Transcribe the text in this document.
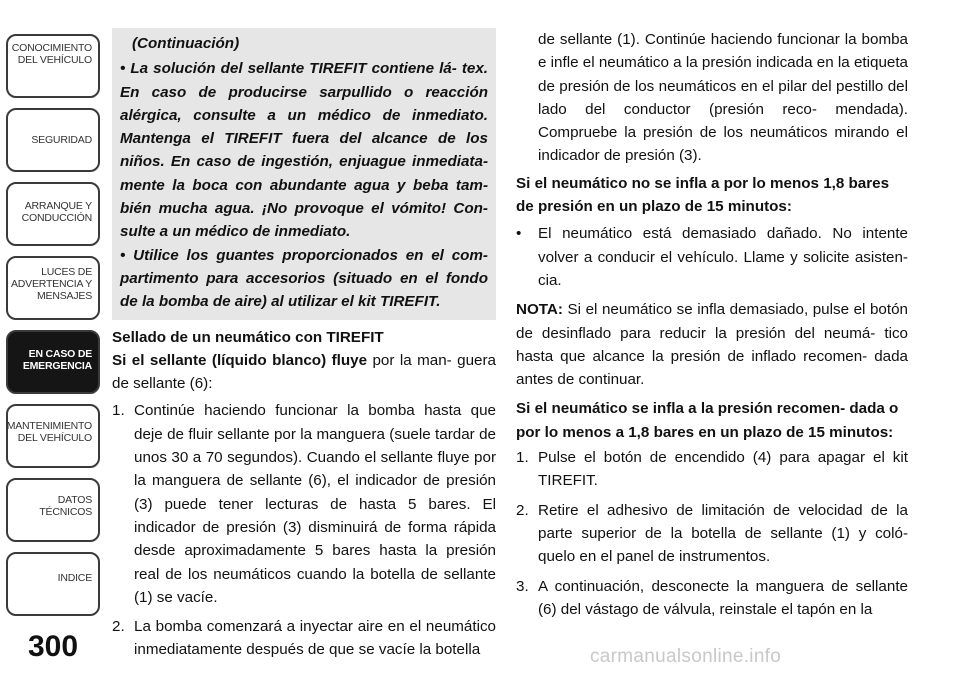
CONOCIMIENTO
DEL VEHÍCULO
SEGURIDAD
ARRANQUE Y
CONDUCCIÓN
LUCES DE
ADVERTENCIA Y
MENSAJES
EN CASO DE
EMERGENCIA
MANTENIMIENTO
DEL VEHÍCULO
DATOS
TÉCNICOS
INDICE
300
(Continuación)

• La solución del sellante TIREFIT contiene lá- tex. En caso de producirse sarpullido o reacción alérgica, consulte a un médico de inmediato. Mantenga el TIREFIT fuera del alcance de los niños. En caso de ingestión, enjuague inmediata- mente la boca con abundante agua y beba tam- bién mucha agua. ¡No provoque el vómito! Con- sulte a un médico de inmediato.

• Utilice los guantes proporcionados en el com- partimento para accesorios (situado en el fondo de la bomba de aire) al utilizar el kit TIREFIT.

Sellado de un neumático con TIREFIT

Si el sellante (líquido blanco) fluye por la man- guera de sellante (6):

1. Continúe haciendo funcionar la bomba hasta que deje de fluir sellante por la manguera (suele tardar de unos 30 a 70 segundos). Cuando el sellante fluye por la manguera de sellante (6), el indicador de presión (3) puede tener lecturas de hasta 5 bares. El indicador de presión (3) disminuirá de forma rápida desde aproximadamente 5 bares hasta la presión real de los neumáticos cuando la botella de sellante (1) se vacíe.
2. La bomba comenzará a inyectar aire en el neumático inmediatamente después de que se vacíe la botella
de sellante (1). Continúe haciendo funcionar la bomba e infle el neumático a la presión indicada en la etiqueta de presión de los neumáticos en el pilar del pestillo del lado del conductor (presión reco- mendada). Compruebe la presión de los neumáticos mirando el indicador de presión (3).
Si el neumático no se infla a por lo menos 1,8 bares de presión en un plazo de 15 minutos:
•	El neumático está demasiado dañado. No intente volver a conducir el vehículo. Llame y solicite asisten- cia.

NOTA: Si el neumático se infla demasiado, pulse el botón de desinflado para reducir la presión del neumá- tico hasta que alcance la presión de inflado recomen- dada antes de continuar.

Si el neumático se infla a la presión recomen- dada o por lo menos a 1,8 bares en un plazo de 15 minutos:
1. Pulse el botón de encendido (4) para apagar el kit TIREFIT.
2. Retire el adhesivo de limitación de velocidad de la parte superior de la botella de sellante (1) y coló- quelo en el panel de instrumentos.
3. A continuación, desconecte la manguera de sellante (6) del vástago de válvula, reinstale el tapón en la
carmanualsonline.info
